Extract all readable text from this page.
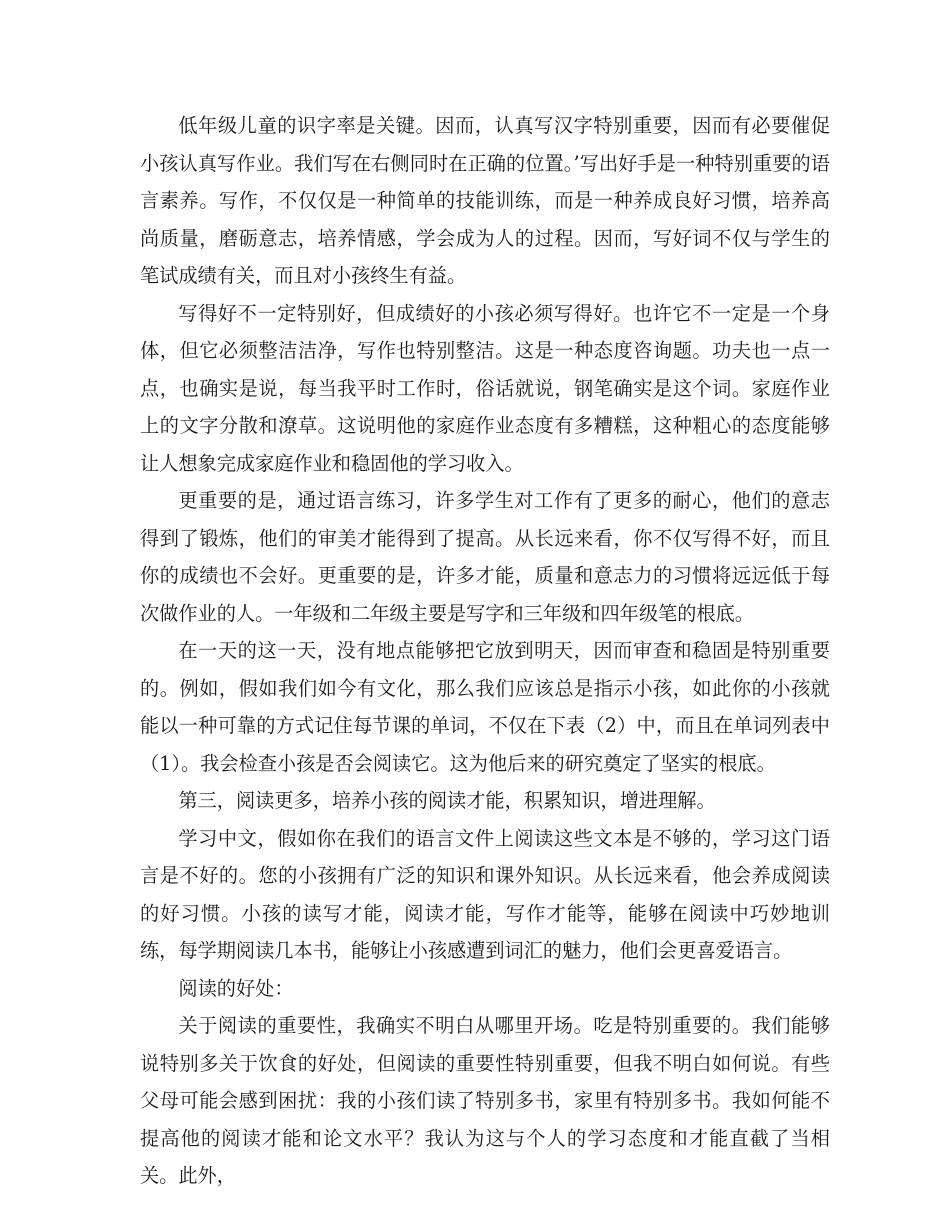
低年级儿童的识字率是关键。因而，认真写汉字特别重要，因而有必要催促小孩认真写作业。我们写在右侧同时在正确的位置。’写出好手是一种特别重要的语言素养。写作，不仅仅是一种简单的技能训练，而是一种养成良好习惯，培养高尚质量，磨砺意志，培养情感，学会成为人的过程。因而，写好词不仅与学生的笔试成绩有关，而且对小孩终生有益。

写得好不一定特别好，但成绩好的小孩必须写得好。也许它不一定是一个身体，但它必须整洁洁净，写作也特别整洁。这是一种态度咨询题。功夫也一点一点，也确实是说，每当我平时工作时，俗话就说，钢笔确实是这个词。家庭作业上的文字分散和潦草。这说明他的家庭作业态度有多糟糕，这种粗心的态度能够让人想象完成家庭作业和稳固他的学习收入。

更重要的是，通过语言练习，许多学生对工作有了更多的耐心，他们的意志得到了锻炼，他们的审美才能得到了提高。从长远来看，你不仅写得不好，而且你的成绩也不会好。更重要的是，许多才能，质量和意志力的习惯将远远低于每次做作业的人。一年级和二年级主要是写字和三年级和四年级笔的根底。

在一天的这一天，没有地点能够把它放到明天，因而审查和稳固是特别重要的。例如，假如我们如今有文化，那么我们应该总是指示小孩，如此你的小孩就能以一种可靠的方式记住每节课的单词，不仅在下表（2）中，而且在单词列表中（1）。我会检查小孩是否会阅读它。这为他后来的研究奠定了坚实的根底。

第三，阅读更多，培养小孩的阅读才能，积累知识，增进理解。

学习中文，假如你在我们的语言文件上阅读这些文本是不够的，学习这门语言是不好的。您的小孩拥有广泛的知识和课外知识。从长远来看，他会养成阅读的好习惯。小孩的读写才能，阅读才能，写作才能等，能够在阅读中巧妙地训练，每学期阅读几本书，能够让小孩感遭到词汇的魅力，他们会更喜爱语言。

阅读的好处：

关于阅读的重要性，我确实不明白从哪里开场。吃是特别重要的。我们能够说特别多关于饮食的好处，但阅读的重要性特别重要，但我不明白如何说。有些父母可能会感到困扰：我的小孩们读了特别多书，家里有特别多书。我如何能不提高他的阅读才能和论文水平？我认为这与个人的学习态度和才能直截了当相关。此外，
